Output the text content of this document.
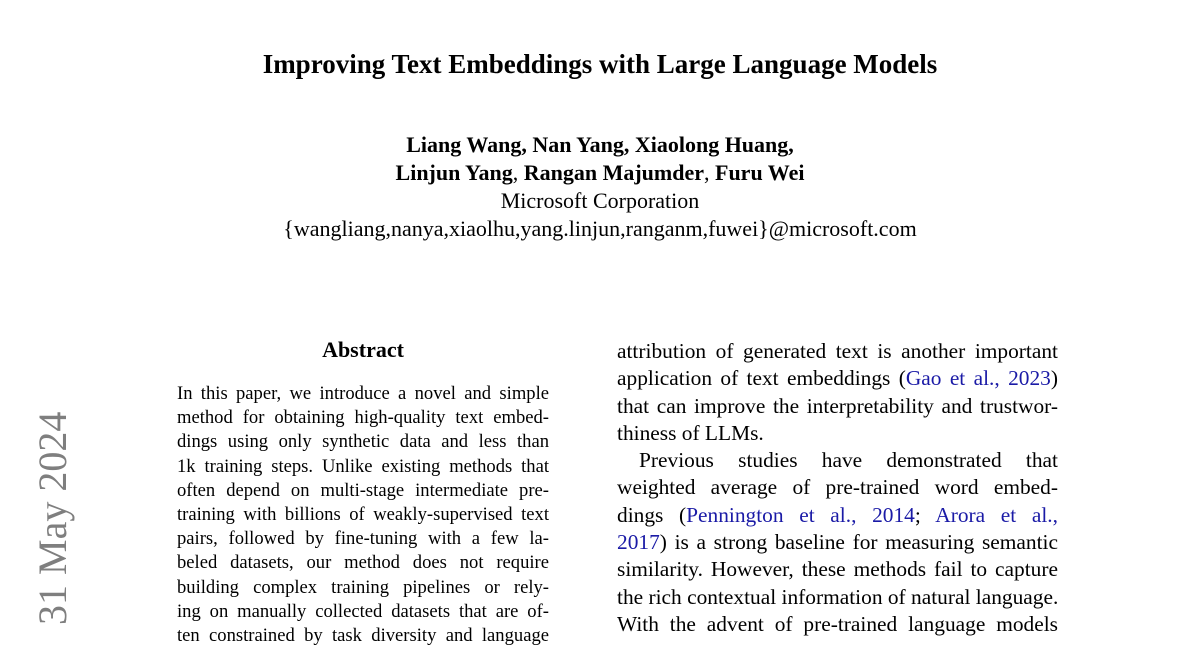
Improving Text Embeddings with Large Language Models
Liang Wang, Nan Yang, Xiaolong Huang,
Linjun Yang, Rangan Majumder, Furu Wei
Microsoft Corporation
{wangliang,nanya,xiaolhu,yang.linjun,ranganm,fuwei}@microsoft.com
31 May 2024
Abstract
In this paper, we introduce a novel and simple
method for obtaining high-quality text embed-
dings using only synthetic data and less than
1k training steps. Unlike existing methods that
often depend on multi-stage intermediate pre-
training with billions of weakly-supervised text
pairs, followed by fine-tuning with a few la-
beled datasets, our method does not require
building complex training pipelines or rely-
ing on manually collected datasets that are of-
ten constrained by task diversity and language
attribution of generated text is another important
application of text embeddings (Gao et al., 2023)
that can improve the interpretability and trustwor-
thiness of LLMs.
Previous studies have demonstrated that
weighted average of pre-trained word embed-
dings (Pennington et al., 2014; Arora et al.,
2017) is a strong baseline for measuring semantic
similarity. However, these methods fail to capture
the rich contextual information of natural language.
With the advent of pre-trained language models
